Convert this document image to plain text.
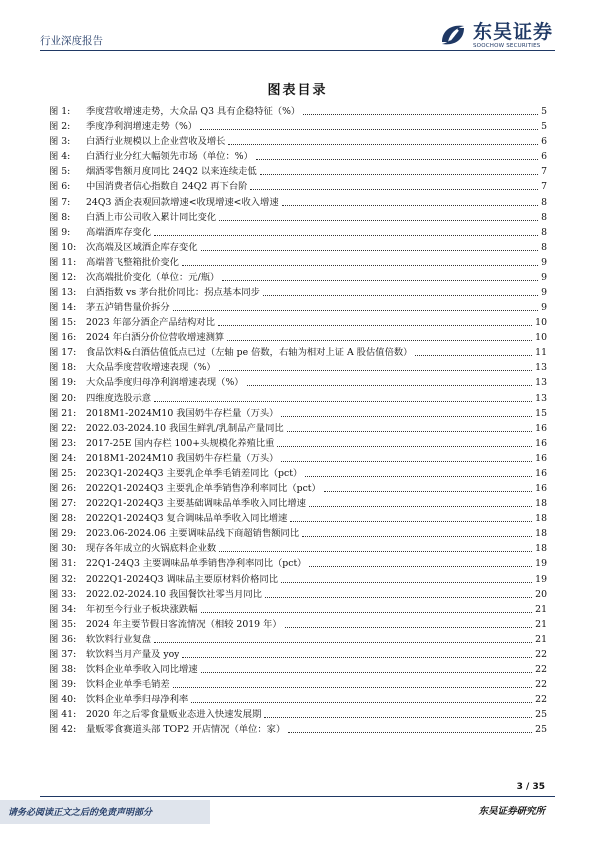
行业深度报告	东吴证券
SOOCHOW SECURITIES
图表目录
图 1:	季度营收增速走势，大众品 Q3 具有企稳特征（%）	5
图 2:	季度净利润增速走势（%）	5
图 3:	白酒行业规模以上企业营收及增长	6
图 4:	白酒行业分红大幅领先市场（单位：%）	6
图 5:	烟酒零售额月度同比 24Q2 以来连续走低	7
图 6:	中国消费者信心指数自 24Q2 再下台阶	7
图 7:	24Q3 酒企表观回款增速<收现增速<收入增速	8
图 8:	白酒上市公司收入累计同比变化	8
图 9:	高端酒库存变化	8
图 10:	次高端及区域酒企库存变化	8
图 11:	高端普飞整箱批价变化	9
图 12:	次高端批价变化（单位：元/瓶）	9
图 13:	白酒指数 vs 茅台批价同比：拐点基本同步	9
图 14:	茅五泸销售量价拆分	9
图 15:	2023 年部分酒企产品结构对比	10
图 16:	2024 年白酒分价位营收增速测算	10
图 17:	食品饮料&白酒估值低点已过（左轴 pe 倍数，右轴为相对上证 A 股估值倍数）	11
图 18:	大众品季度营收增速表现（%）	13
图 19:	大众品季度归母净利润增速表现（%）	13
图 20:	四维度选股示意	13
图 21:	2018M1-2024M10 我国奶牛存栏量（万头）	15
图 22:	2022.03-2024.10 我国生鲜乳/乳制品产量同比	16
图 23:	2017-25E 国内存栏 100+头规模化养殖比重	16
图 24:	2018M1-2024M10 我国奶牛存栏量（万头）	16
图 25:	2023Q1-2024Q3 主要乳企单季毛销差同比（pct）	16
图 26:	2022Q1-2024Q3 主要乳企单季销售净利率同比（pct）	16
图 27:	2022Q1-2024Q3 主要基础调味品单季收入同比增速	18
图 28:	2022Q1-2024Q3 复合调味品单季收入同比增速	18
图 29:	2023.06-2024.06 主要调味品线下商超销售额同比	18
图 30:	现存各年成立的火锅底料企业数	18
图 31:	22Q1-24Q3 主要调味品单季销售净利率同比（pct）	19
图 32:	2022Q1-2024Q3 调味品主要原材料价格同比	19
图 33:	2022.02-2024.10 我国餐饮社零当月同比	20
图 34:	年初至今行业子板块涨跌幅	21
图 35:	2024 年主要节假日客流情况（相较 2019 年）	21
图 36:	软饮料行业复盘	21
图 37:	软饮料当月产量及 yoy	22
图 38:	饮料企业单季收入同比增速	22
图 39:	饮料企业单季毛销差	22
图 40:	饮料企业单季归母净利率	22
图 41:	2020 年之后零食量贩业态进入快速发展期	25
图 42:	量贩零食赛道头部 TOP2 开店情况（单位：家）	25
3 / 35
请务必阅读正文之后的免责声明部分	东吴证券研究所
